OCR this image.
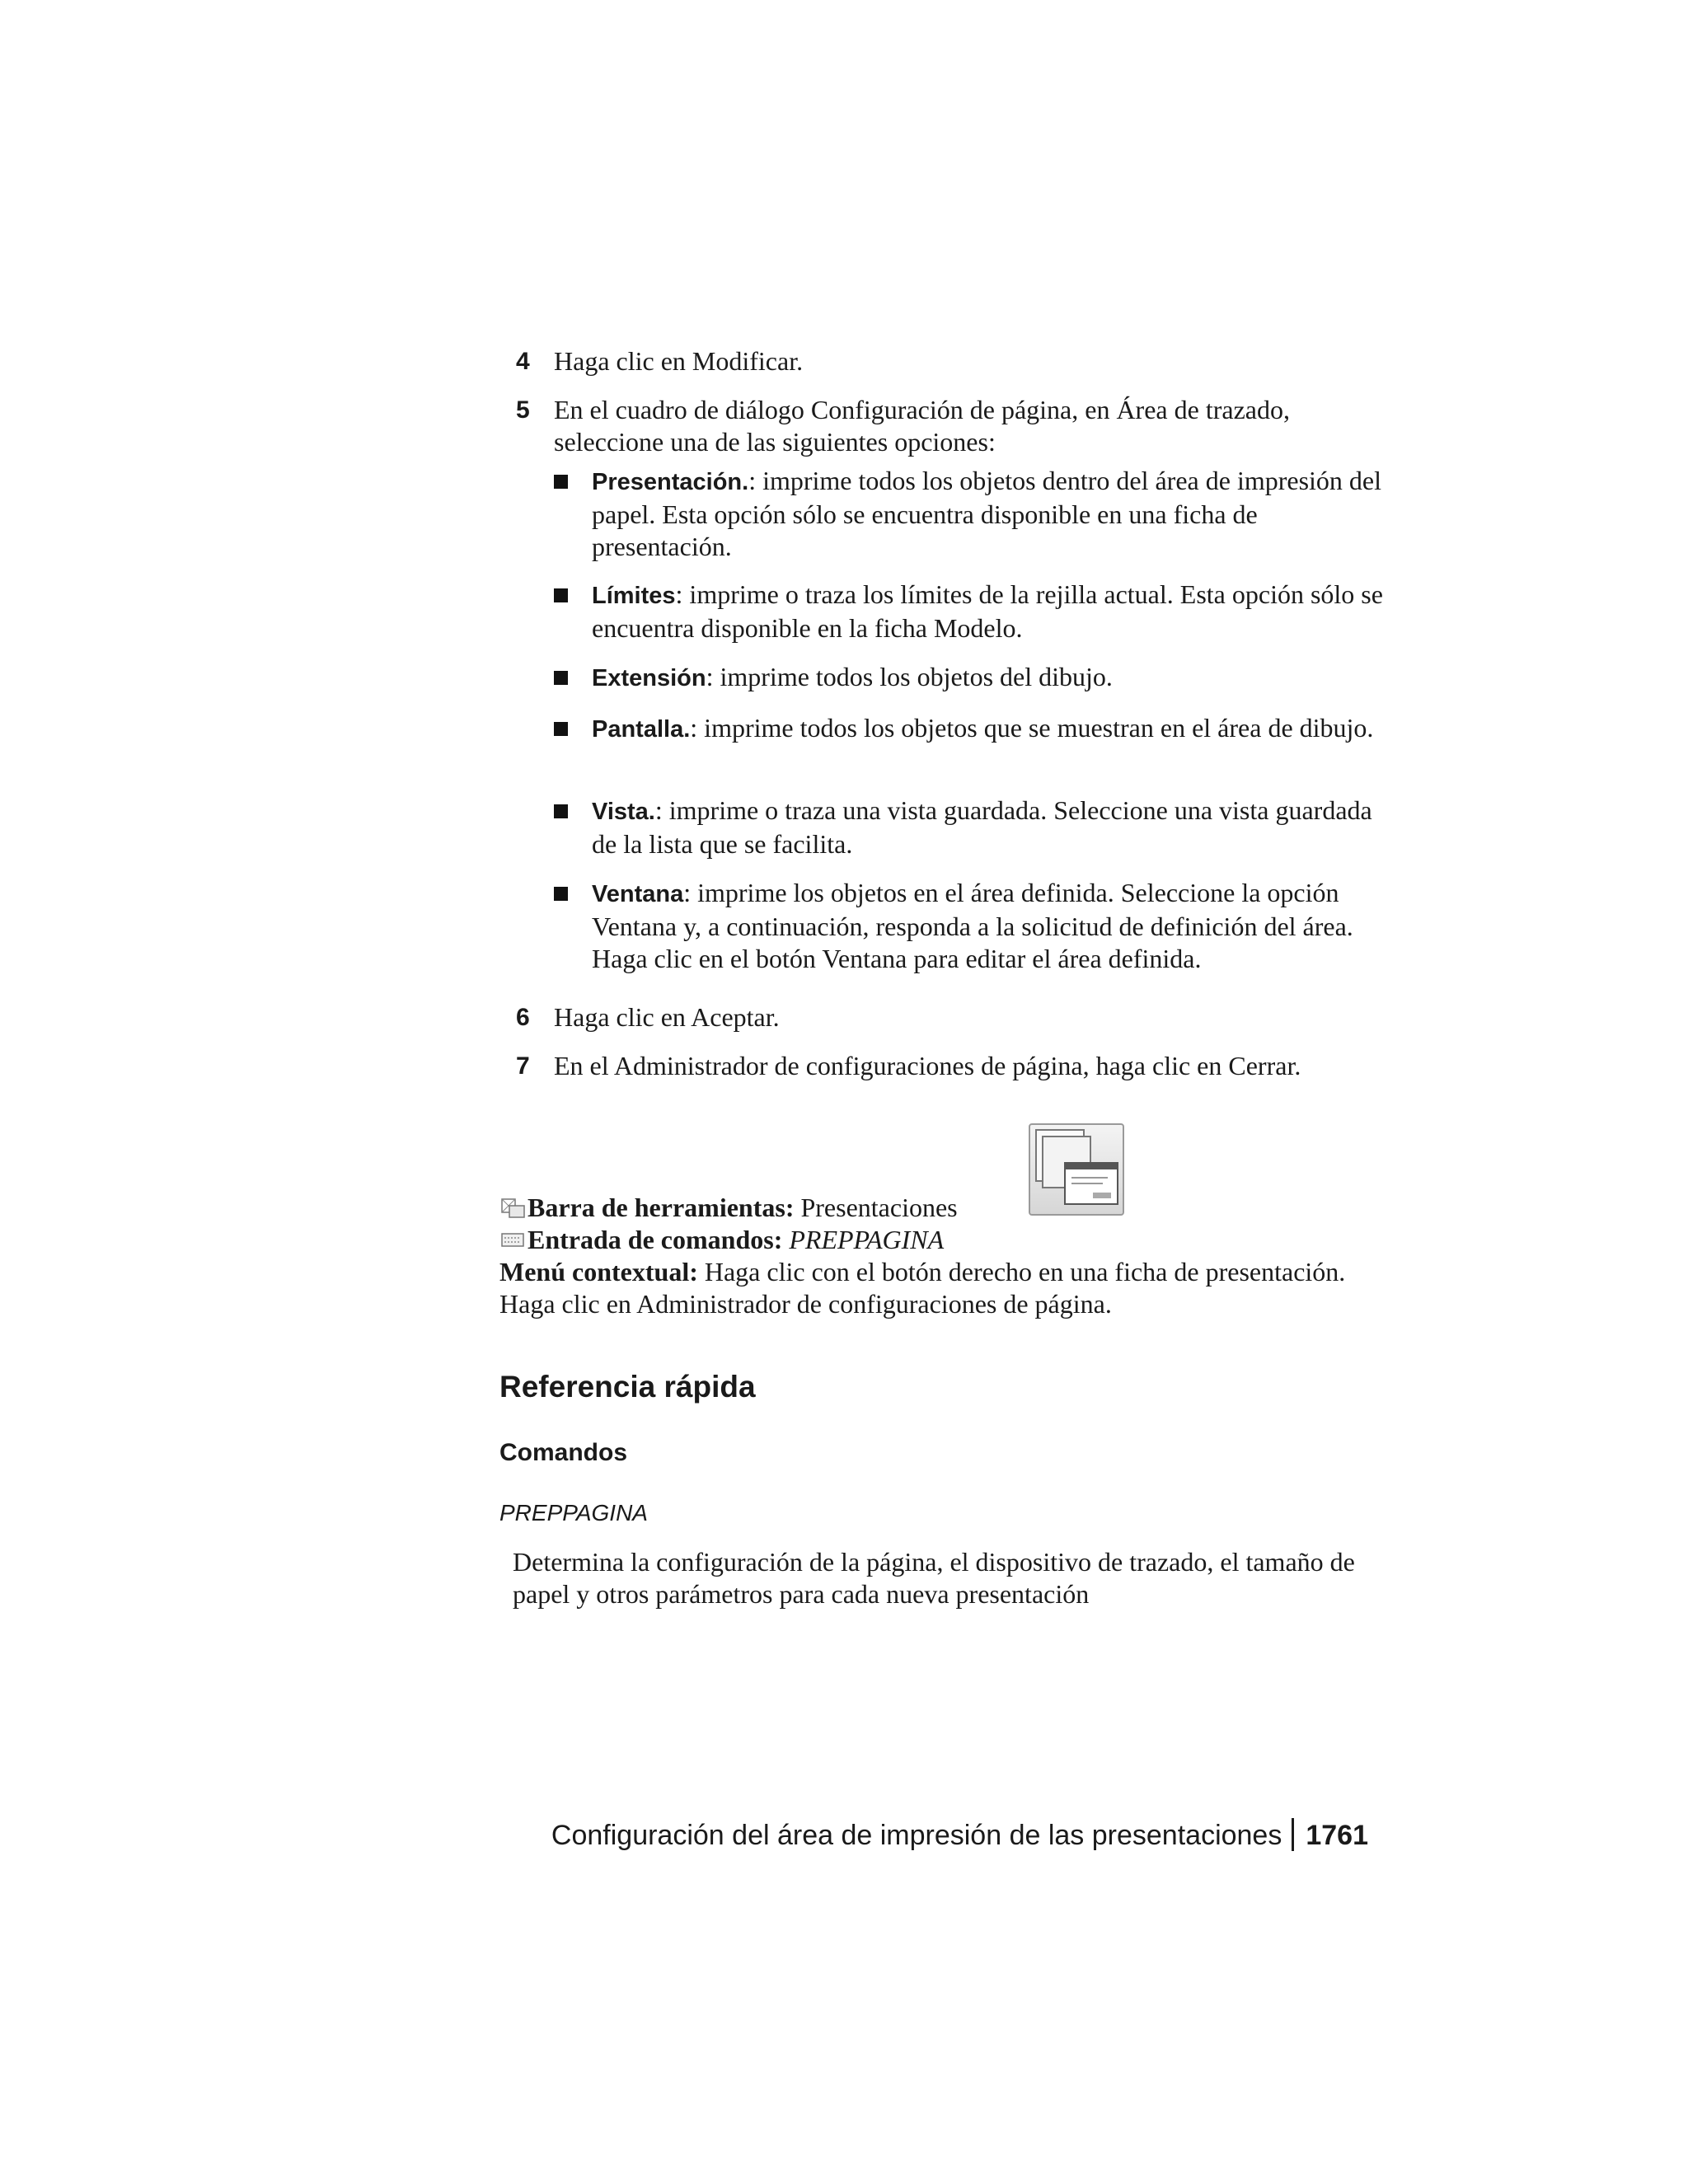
4 Haga clic en Modificar.
5 En el cuadro de diálogo Configuración de página, en Área de trazado, seleccione una de las siguientes opciones:
Presentación.: imprime todos los objetos dentro del área de impresión del papel. Esta opción sólo se encuentra disponible en una ficha de presentación.
Límites: imprime o traza los límites de la rejilla actual. Esta opción sólo se encuentra disponible en la ficha Modelo.
Extensión: imprime todos los objetos del dibujo.
Pantalla.: imprime todos los objetos que se muestran en el área de dibujo.
Vista.: imprime o traza una vista guardada. Seleccione una vista guardada de la lista que se facilita.
Ventana: imprime los objetos en el área definida. Seleccione la opción Ventana y, a continuación, responda a la solicitud de definición del área. Haga clic en el botón Ventana para editar el área definida.
6 Haga clic en Aceptar.
7 En el Administrador de configuraciones de página, haga clic en Cerrar.
Barra de herramientas: Presentaciones
Entrada de comandos: PREPPAGINA
Menú contextual: Haga clic con el botón derecho en una ficha de presentación. Haga clic en Administrador de configuraciones de página.
Referencia rápida
Comandos
PREPPAGINA
Determina la configuración de la página, el dispositivo de trazado, el tamaño de papel y otros parámetros para cada nueva presentación
Configuración del área de impresión de las presentaciones 1761
